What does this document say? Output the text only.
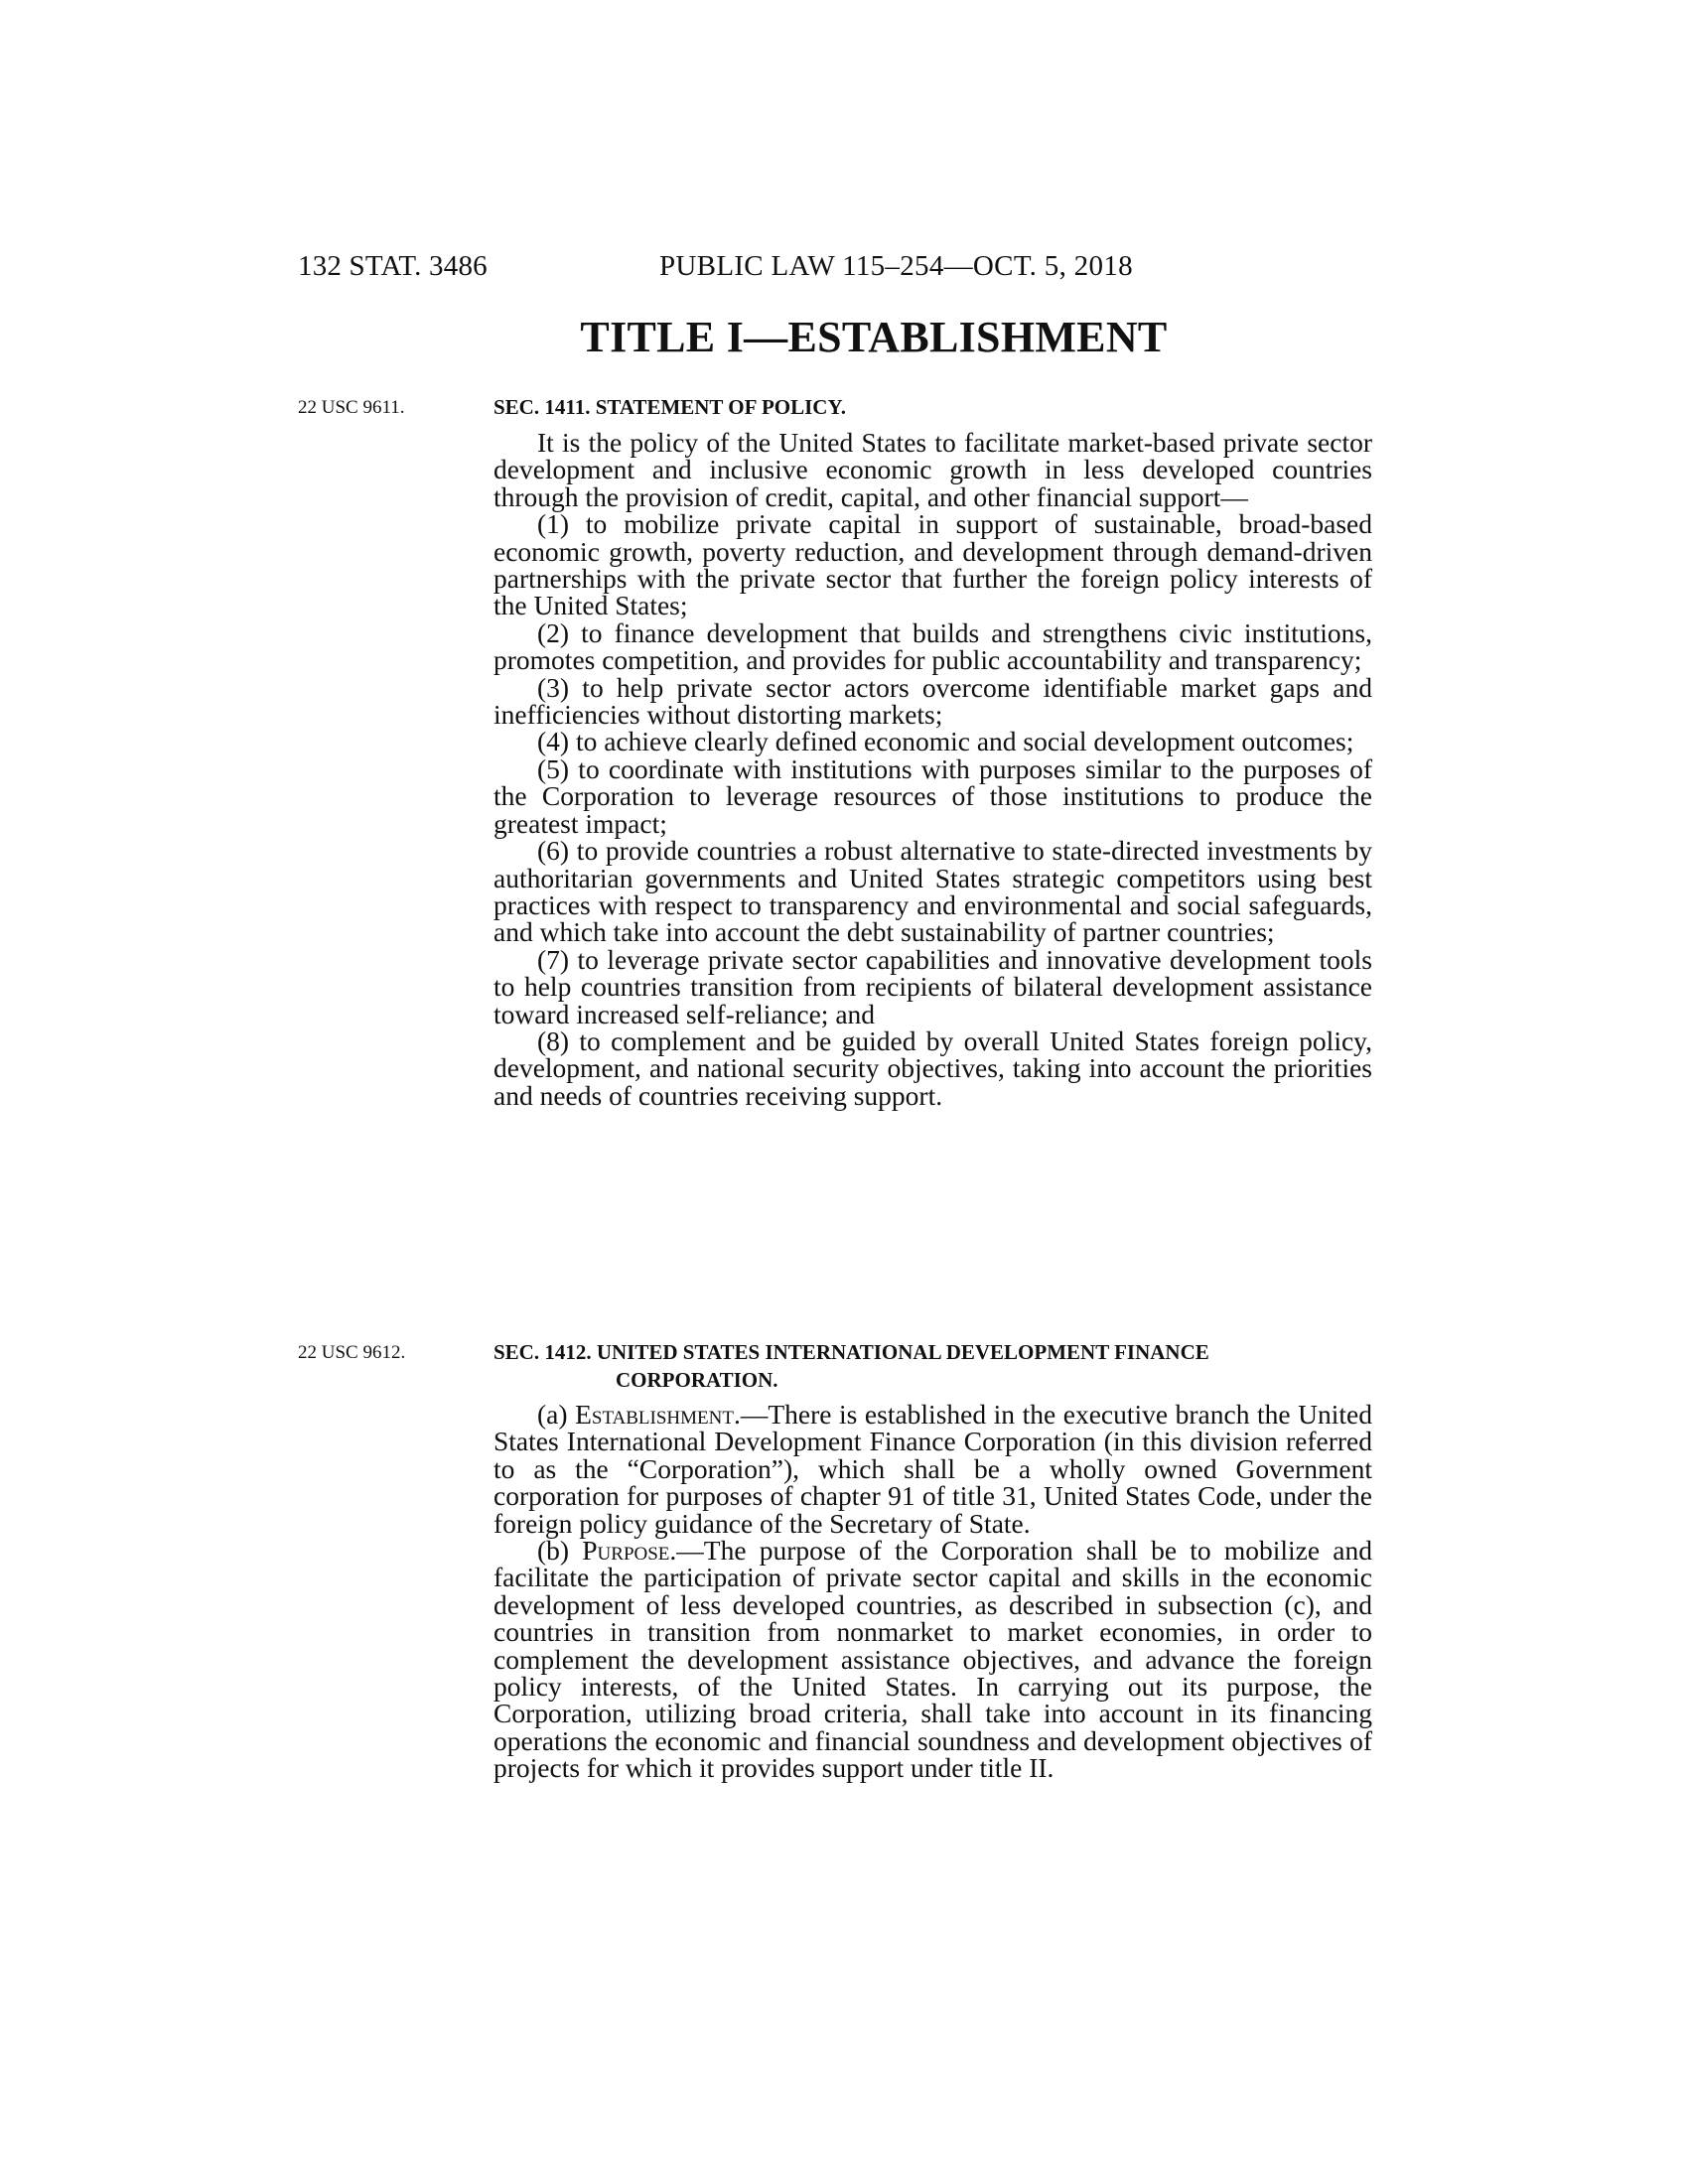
132 STAT. 3486	PUBLIC LAW 115–254—OCT. 5, 2018
TITLE I—ESTABLISHMENT
22 USC 9611.	SEC. 1411. STATEMENT OF POLICY.

It is the policy of the United States to facilitate market-based private sector development and inclusive economic growth in less developed countries through the provision of credit, capital, and other financial support—

(1) to mobilize private capital in support of sustainable, broad-based economic growth, poverty reduction, and development through demand-driven partnerships with the private sector that further the foreign policy interests of the United States;

(2) to finance development that builds and strengthens civic institutions, promotes competition, and provides for public accountability and transparency;

(3) to help private sector actors overcome identifiable market gaps and inefficiencies without distorting markets;

(4) to achieve clearly defined economic and social development outcomes;

(5) to coordinate with institutions with purposes similar to the purposes of the Corporation to leverage resources of those institutions to produce the greatest impact;

(6) to provide countries a robust alternative to state-directed investments by authoritarian governments and United States strategic competitors using best practices with respect to transparency and environmental and social safeguards, and which take into account the debt sustainability of partner countries;

(7) to leverage private sector capabilities and innovative development tools to help countries transition from recipients of bilateral development assistance toward increased self-reliance; and

(8) to complement and be guided by overall United States foreign policy, development, and national security objectives, taking into account the priorities and needs of countries receiving support.

22 USC 9612.	SEC. 1412. UNITED STATES INTERNATIONAL DEVELOPMENT FINANCE
CORPORATION.

(a) Establishment.—There is established in the executive branch the United States International Development Finance Corporation (in this division referred to as the “Corporation”), which shall be a wholly owned Government corporation for purposes of chapter 91 of title 31, United States Code, under the foreign policy guidance of the Secretary of State.

(b) Purpose.—The purpose of the Corporation shall be to mobilize and facilitate the participation of private sector capital and skills in the economic development of less developed countries, as described in subsection (c), and countries in transition from nonmarket to market economies, in order to complement the development assistance objectives, and advance the foreign policy interests, of the United States. In carrying out its purpose, the Corporation, utilizing broad criteria, shall take into account in its financing operations the economic and financial soundness and development objectives of projects for which it provides support under title II.
